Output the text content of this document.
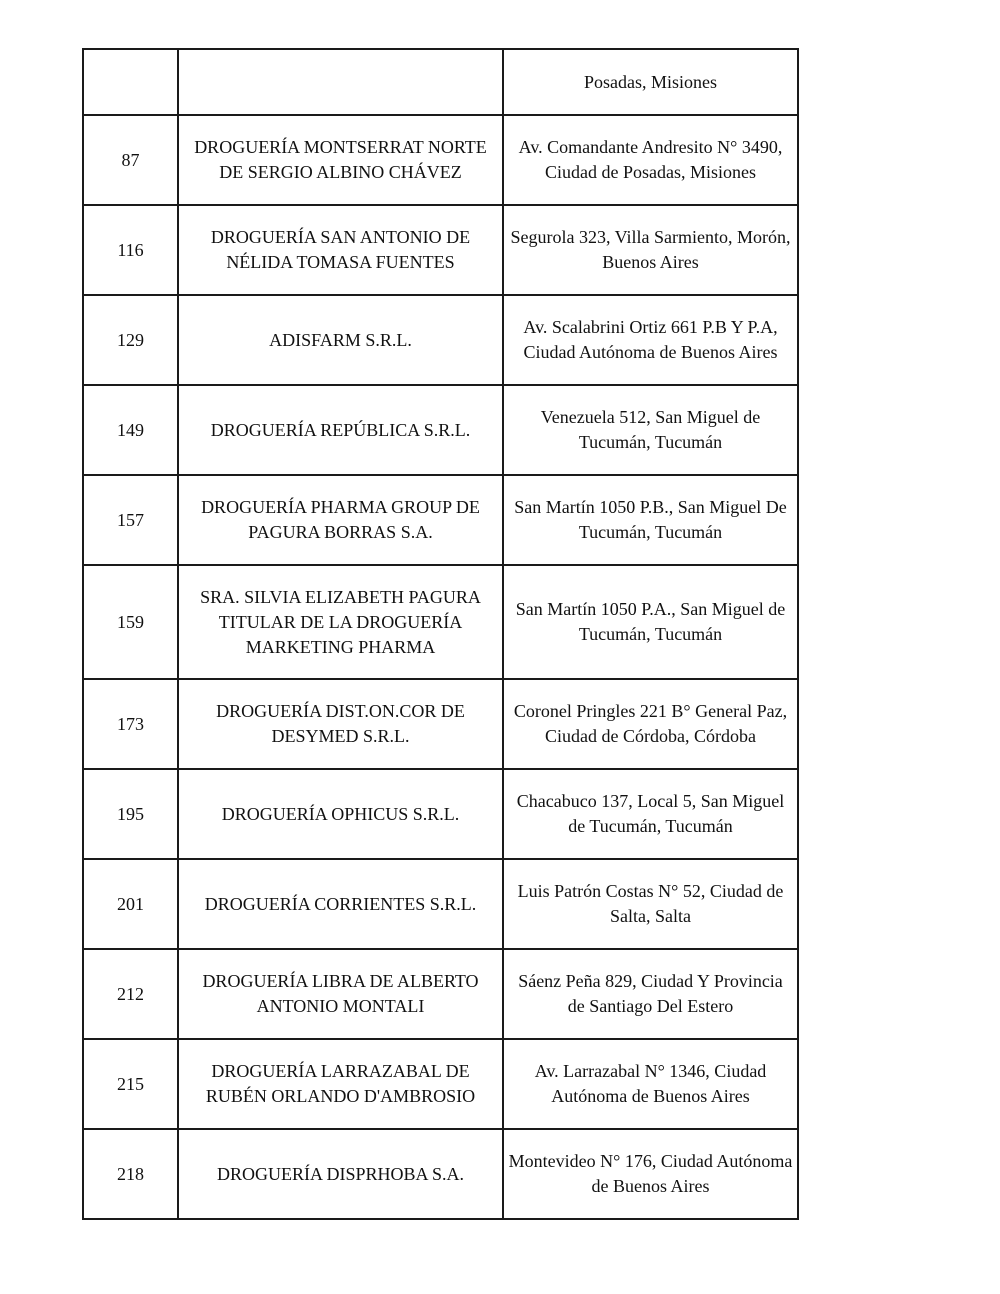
		Posadas, Misiones
87	DROGUERÍA MONTSERRAT NORTE DE SERGIO ALBINO CHÁVEZ	Av. Comandante Andresito N° 3490, Ciudad de Posadas, Misiones
116	DROGUERÍA SAN ANTONIO DE NÉLIDA TOMASA FUENTES	Segurola 323, Villa Sarmiento, Morón, Buenos Aires
129	ADISFARM S.R.L.	Av. Scalabrini Ortiz 661 P.B Y P.A, Ciudad Autónoma de Buenos Aires
149	DROGUERÍA REPÚBLICA S.R.L.	Venezuela 512, San Miguel de Tucumán, Tucumán
157	DROGUERÍA PHARMA GROUP DE PAGURA BORRAS S.A.	San Martín 1050 P.B., San Miguel De Tucumán, Tucumán
159	SRA. SILVIA ELIZABETH PAGURA TITULAR DE LA DROGUERÍA MARKETING PHARMA	San Martín 1050 P.A., San Miguel de Tucumán, Tucumán
173	DROGUERÍA DIST.ON.COR DE DESYMED S.R.L.	Coronel Pringles 221 B° General Paz, Ciudad de Córdoba, Córdoba
195	DROGUERÍA OPHICUS S.R.L.	Chacabuco 137, Local 5, San Miguel de Tucumán, Tucumán
201	DROGUERÍA CORRIENTES S.R.L.	Luis Patrón Costas N° 52, Ciudad de Salta, Salta
212	DROGUERÍA LIBRA DE ALBERTO ANTONIO MONTALI	Sáenz Peña 829, Ciudad Y Provincia de Santiago Del Estero
215	DROGUERÍA LARRAZABAL DE RUBÉN ORLANDO D'AMBROSIO	Av. Larrazabal N° 1346, Ciudad Autónoma de Buenos Aires
218	DROGUERÍA DISPRHOBA S.A.	Montevideo N° 176, Ciudad Autónoma de Buenos Aires
